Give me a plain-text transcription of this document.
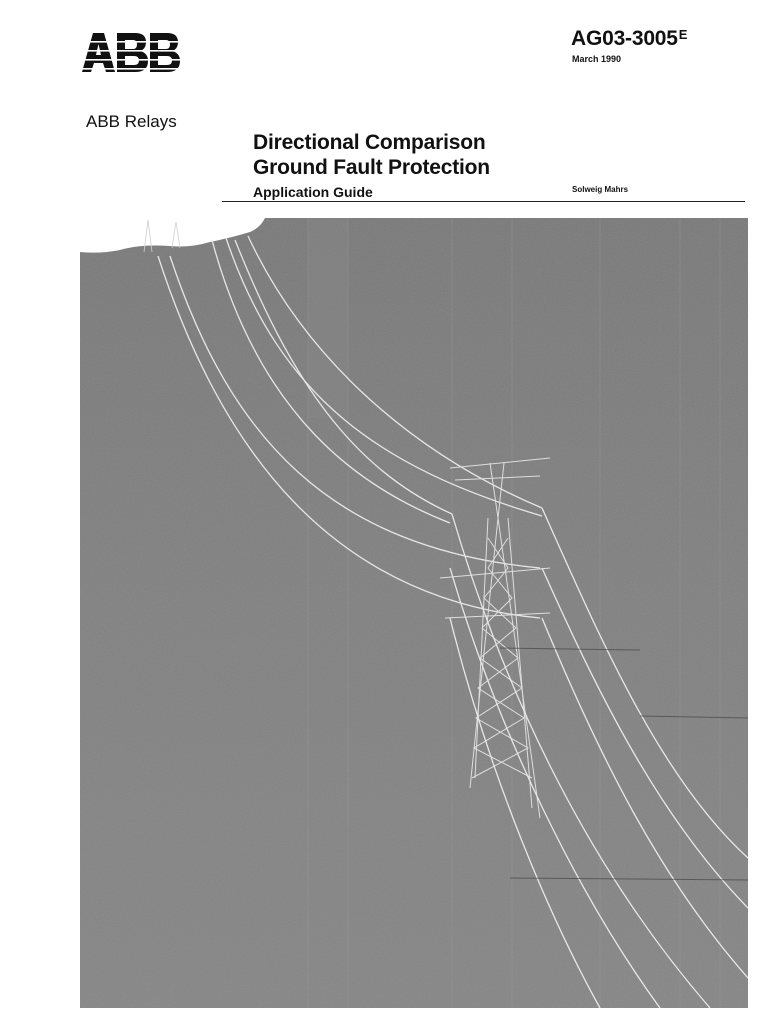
$AG03-3005^E$
March 1990
ABB Relays
Directional Comparison
Ground Fault Protection
Application Guide	Solweig Mahrs
